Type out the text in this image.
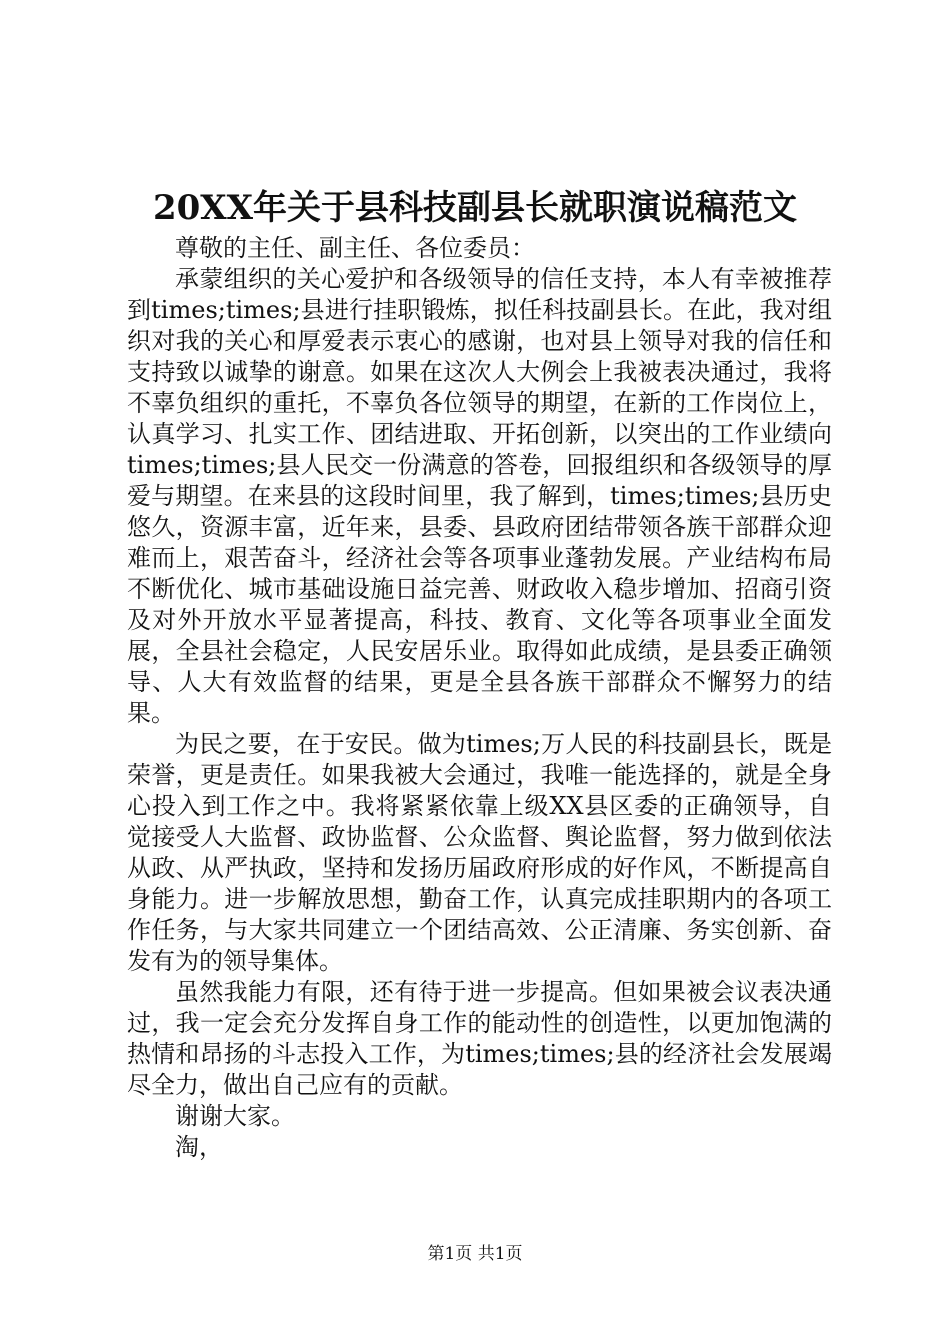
20XX年关于县科技副县长就职演说稿范文

尊敬的主任、副主任、各位委员：

承蒙组织的关心爱护和各级领导的信任支持，本人有幸被推荐到times;times;县进行挂职锻炼，拟任科技副县长。在此，我对组织对我的关心和厚爱表示衷心的感谢，也对县上领导对我的信任和支持致以诚挚的谢意。如果在这次人大例会上我被表决通过，我将不辜负组织的重托，不辜负各位领导的期望，在新的工作岗位上，认真学习、扎实工作、团结进取、开拓创新，以突出的工作业绩向times;times;县人民交一份满意的答卷，回报组织和各级领导的厚爱与期望。在来县的这段时间里，我了解到，times;times;县历史悠久，资源丰富，近年来，县委、县政府团结带领各族干部群众迎难而上，艰苦奋斗，经济社会等各项事业蓬勃发展。产业结构布局不断优化、城市基础设施日益完善、财政收入稳步增加、招商引资及对外开放水平显著提高，科技、教育、文化等各项事业全面发展，全县社会稳定，人民安居乐业。取得如此成绩，是县委正确领导、人大有效监督的结果，更是全县各族干部群众不懈努力的结果。

为民之要，在于安民。做为times;万人民的科技副县长，既是荣誉，更是责任。如果我被大会通过，我唯一能选择的，就是全身心投入到工作之中。我将紧紧依靠上级XX县区委的正确领导，自觉接受人大监督、政协监督、公众监督、舆论监督，努力做到依法从政、从严执政，坚持和发扬历届政府形成的好作风，不断提高自身能力。进一步解放思想，勤奋工作，认真完成挂职期内的各项工作任务，与大家共同建立一个团结高效、公正清廉、务实创新、奋发有为的领导集体。

虽然我能力有限，还有待于进一步提高。但如果被会议表决通过，我一定会充分发挥自身工作的能动性的创造性，以更加饱满的热情和昂扬的斗志投入工作，为times;times;县的经济社会发展竭尽全力，做出自己应有的贡献。

谢谢大家。

淘，

第1页 共1页
